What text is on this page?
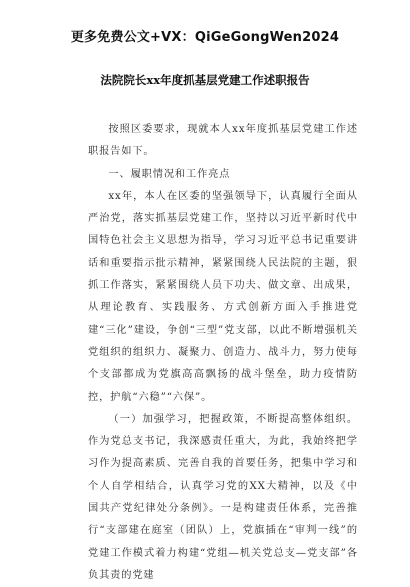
更多免费公文+VX：QiGeGongWen2024
法院院长xx年度抓基层党建工作述职报告

按照区委要求，现就本人xx年度抓基层党建工作述职报告如下。

一、履职情况和工作亮点

xx年，本人在区委的坚强领导下，认真履行全面从严治党，落实抓基层党建工作，坚持以习近平新时代中国特色社会主义思想为指导，学习习近平总书记重要讲话和重要指示批示精神，紧紧围绕人民法院的主题，狠抓工作落实，紧紧围绕人员下功夫、做文章、出成果，从理论教育、实践服务、方式创新方面入手推进党建“三化”建设，争创“三型”党支部，以此不断增强机关党组织的组织力、凝聚力、创造力、战斗力，努力使每个支部都成为党旗高高飘扬的战斗堡垒，助力疫情防控，护航“六稳”“六保”。

（一）加强学习，把握政策，不断提高整体组织。作为党总支书记，我深感责任重大，为此，我始终把学习作为提高素质、完善自我的首要任务，把集中学习和个人自学相结合，认真学习党的XX大精神，以及《中国共产党纪律处分条例》。一是构建责任体系，完善推行“支部建在庭室（团队）上，党旗插在“审判一线”的党建工作模式着力构建“党组—机关党总支—党支部”各负其责的党建
